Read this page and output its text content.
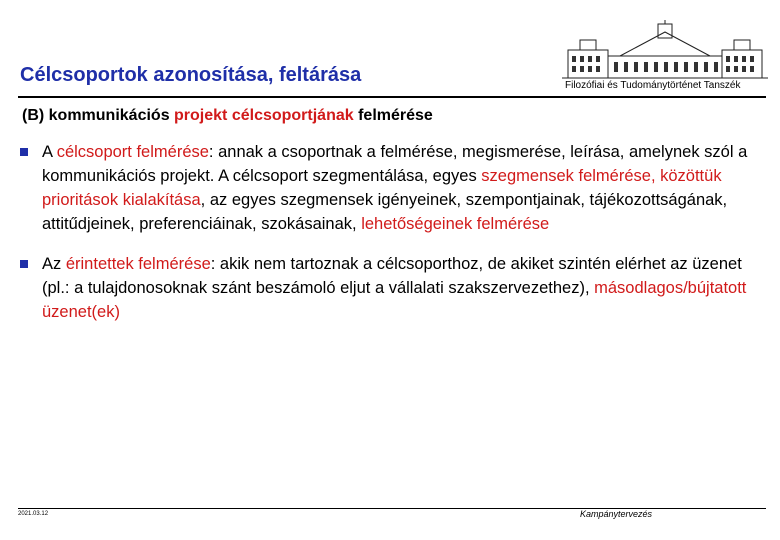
Célcsoportok azonosítása, feltárása	Filozófiai és Tudománytörténet Tanszék
(B) kommunikációs projekt célcsoportjának felmérése
A célcsoport felmérése: annak a csoportnak a felmérése, megismerése, leírása, amelynek szól a kommunikációs projekt. A célcsoport szegmentálása, egyes szegmensek felmérése, közöttük prioritások kialakítása, az egyes szegmensek igényeinek, szempontjainak, tájékozottságának, attitűdjeinek, preferenciáinak, szokásainak, lehetőségeinek felmérése
Az érintettek felmérése: akik nem tartoznak a célcsoporthoz, de akiket szintén elérhet az üzenet (pl.: a tulajdonosoknak szánt beszámoló eljut a vállalati szakszervezethez), másodlagos/bújtatott üzenet(ek)
2021.03.12	Kampánytervezés
